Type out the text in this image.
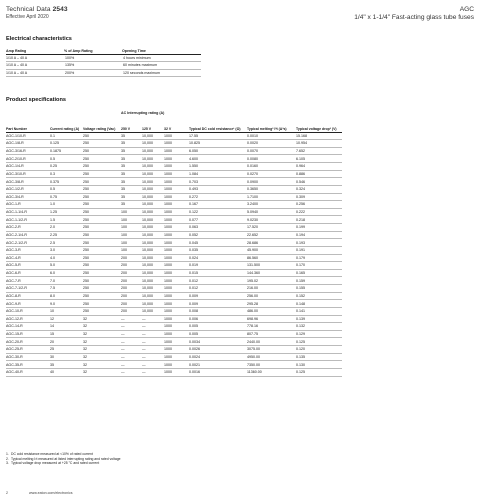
Technical Data 2543
Effective April 2020
AGC
1/4" x 1-1/4" Fast-acting glass tube fuses
Electrical characteristics
Amp Rating	% of Amp Rating	Opening Time
1/10 A – 40 A	100%	4 hours minimum
1/10 A – 40 A	135%	60 minutes maximum
1/10 A – 40 A	200%	120 seconds maximum
Product specifications
AC Interrupting rating (A)
Part Number	Current rating (A)	Voltage rating (Vac)	250 V	125 V	32 V	Typical DC cold resistance¹ (Ω)	Typical melting² I²t (A²s)	Typical voltage drop³ (V)
AGC-1/10-R	0.1	250	35	10,000	1000	17.55	0.0010	15.168
AGC-1/8-R	0.125	250	35	10,000	1000	10.825	0.0020	10.954
AGC-3/16-R	0.1875	250	35	10,000	1000	6.050	0.0070	7.652
AGC-2/10-R	0.5	250	35	10,000	1000	4.600	0.0080	6.105
AGC-1/4-R	0.25	250	35	10,000	1000	1.550	0.0160	0.964
AGC-3/10-R	0.3	250	35	10,000	1000	1.084	0.0270	0.886
AGC-3/8-R	0.375	250	35	10,000	1000	0.703	0.0900	0.546
AGC-1/2-R	0.5	250	35	10,000	1000	0.493	0.3650	0.324
AGC-3/4-R	0.75	250	35	10,000	1000	0.272	1.7100	0.309
AGC-1-R	1.0	250	35	10,000	1000	0.167	3.2400	0.256
AGC-1-1/4-R	1.25	250	100	10,000	1000	0.122	5.0940	0.222
AGC-1-1/2-R	1.5	250	100	10,000	1000	0.077	9.0230	0.218
AGC-2-R	2.0	250	100	10,000	1000	0.063	17.520	0.199
AGC-2-1/4-R	2.25	250	100	10,000	1000	0.052	22.652	0.194
AGC-2-1/2-R	2.5	250	100	10,000	1000	0.045	28.686	0.193
AGC-3-R	3.0	250	100	10,000	1000	0.035	45.900	0.191
AGC-4-R	4.0	250	200	10,000	1000	0.024	86.560	0.179
AGC-5-R	5.0	250	200	10,000	1000	0.019	131.500	0.170
AGC-6-R	6.0	250	200	10,000	1000	0.015	144.360	0.165
AGC-7-R	7.0	250	200	10,000	1000	0.012	195.02	0.159
AGC-7-1/2-R	7.5	250	200	10,000	1000	0.012	216.00	0.155
AGC-8-R	8.0	250	200	10,000	1000	0.009	256.00	0.152
AGC-9-R	9.0	250	200	10,000	1000	0.009	295.28	0.148
AGC-10-R	10	250	200	10,000	1000	0.008	486.00	0.141
AGC-12-R	12	32	—	—	1000	0.006	698.96	0.139
AGC-14-R	14	32	—	—	1000	0.005	778.16	0.132
AGC-15-R	15	32	—	—	1000	0.005	807.75	0.129
AGC-20-R	20	32	—	—	1000	0.0034	2440.00	0.125
AGC-25-R	25	32	—	—	1000	0.0026	3075.00	0.120
AGC-30-R	30	32	—	—	1000	0.0024	4950.00	0.135
AGC-35-R	35	32	—	—	1000	0.0021	7350.00	0.130
AGC-40-R	40	32	—	—	1000	0.0016	11360.00	0.125
1. DC cold resistance measured at <10% of rated current
2. Typical melting I²t measured at listed interrupting rating and rated voltage
3. Typical voltage drop measured at +25 °C and rated current
2	www.eaton.com/electronics
